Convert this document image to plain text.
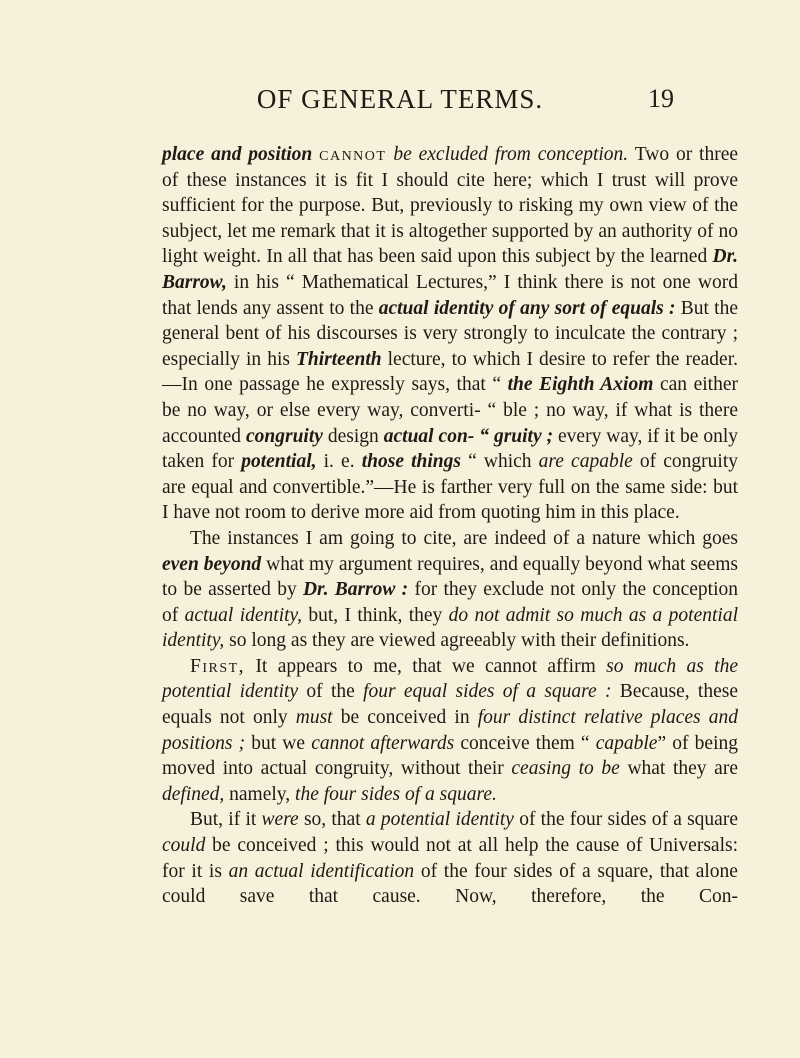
OF GENERAL TERMS.	19

place and position cannot be excluded from conception. Two or three of these instances it is fit I should cite here; which I trust will prove sufficient for the purpose. But, previously to risking my own view of the subject, let me remark that it is altogether supported by an authority of no light weight. In all that has been said upon this subject by the learned Dr. Barrow, in his “ Mathematical Lectures,” I think there is not one word that lends any assent to the actual identity of any sort of equals : But the general bent of his discourses is very strongly to inculcate the contrary ; especially in his Thirteenth lecture, to which I desire to refer the reader.—In one passage he expressly says, that “ the Eighth Axiom can either be no way, or else every way, converti- “ ble ; no way, if what is there accounted congruity design actual con- “ gruity ; every way, if it be only taken for potential, i. e. those things “ which are capable of congruity are equal and convertible.”—He is farther very full on the same side: but I have not room to derive more aid from quoting him in this place.

The instances I am going to cite, are indeed of a nature which goes even beyond what my argument requires, and equally beyond what seems to be asserted by Dr. Barrow : for they exclude not only the conception of actual identity, but, I think, they do not admit so much as a potential identity, so long as they are viewed agreeably with their definitions.

First, It appears to me, that we cannot affirm so much as the potential identity of the four equal sides of a square : Because, these equals not only must be conceived in four distinct relative places and positions ; but we cannot afterwards conceive them “ capable” of being moved into actual congruity, without their ceasing to be what they are defined, namely, the four sides of a square.

But, if it were so, that a potential identity of the four sides of a square could be conceived ; this would not at all help the cause of Universals: for it is an actual identification of the four sides of a square, that alone could save that cause. Now, therefore, the Con-
